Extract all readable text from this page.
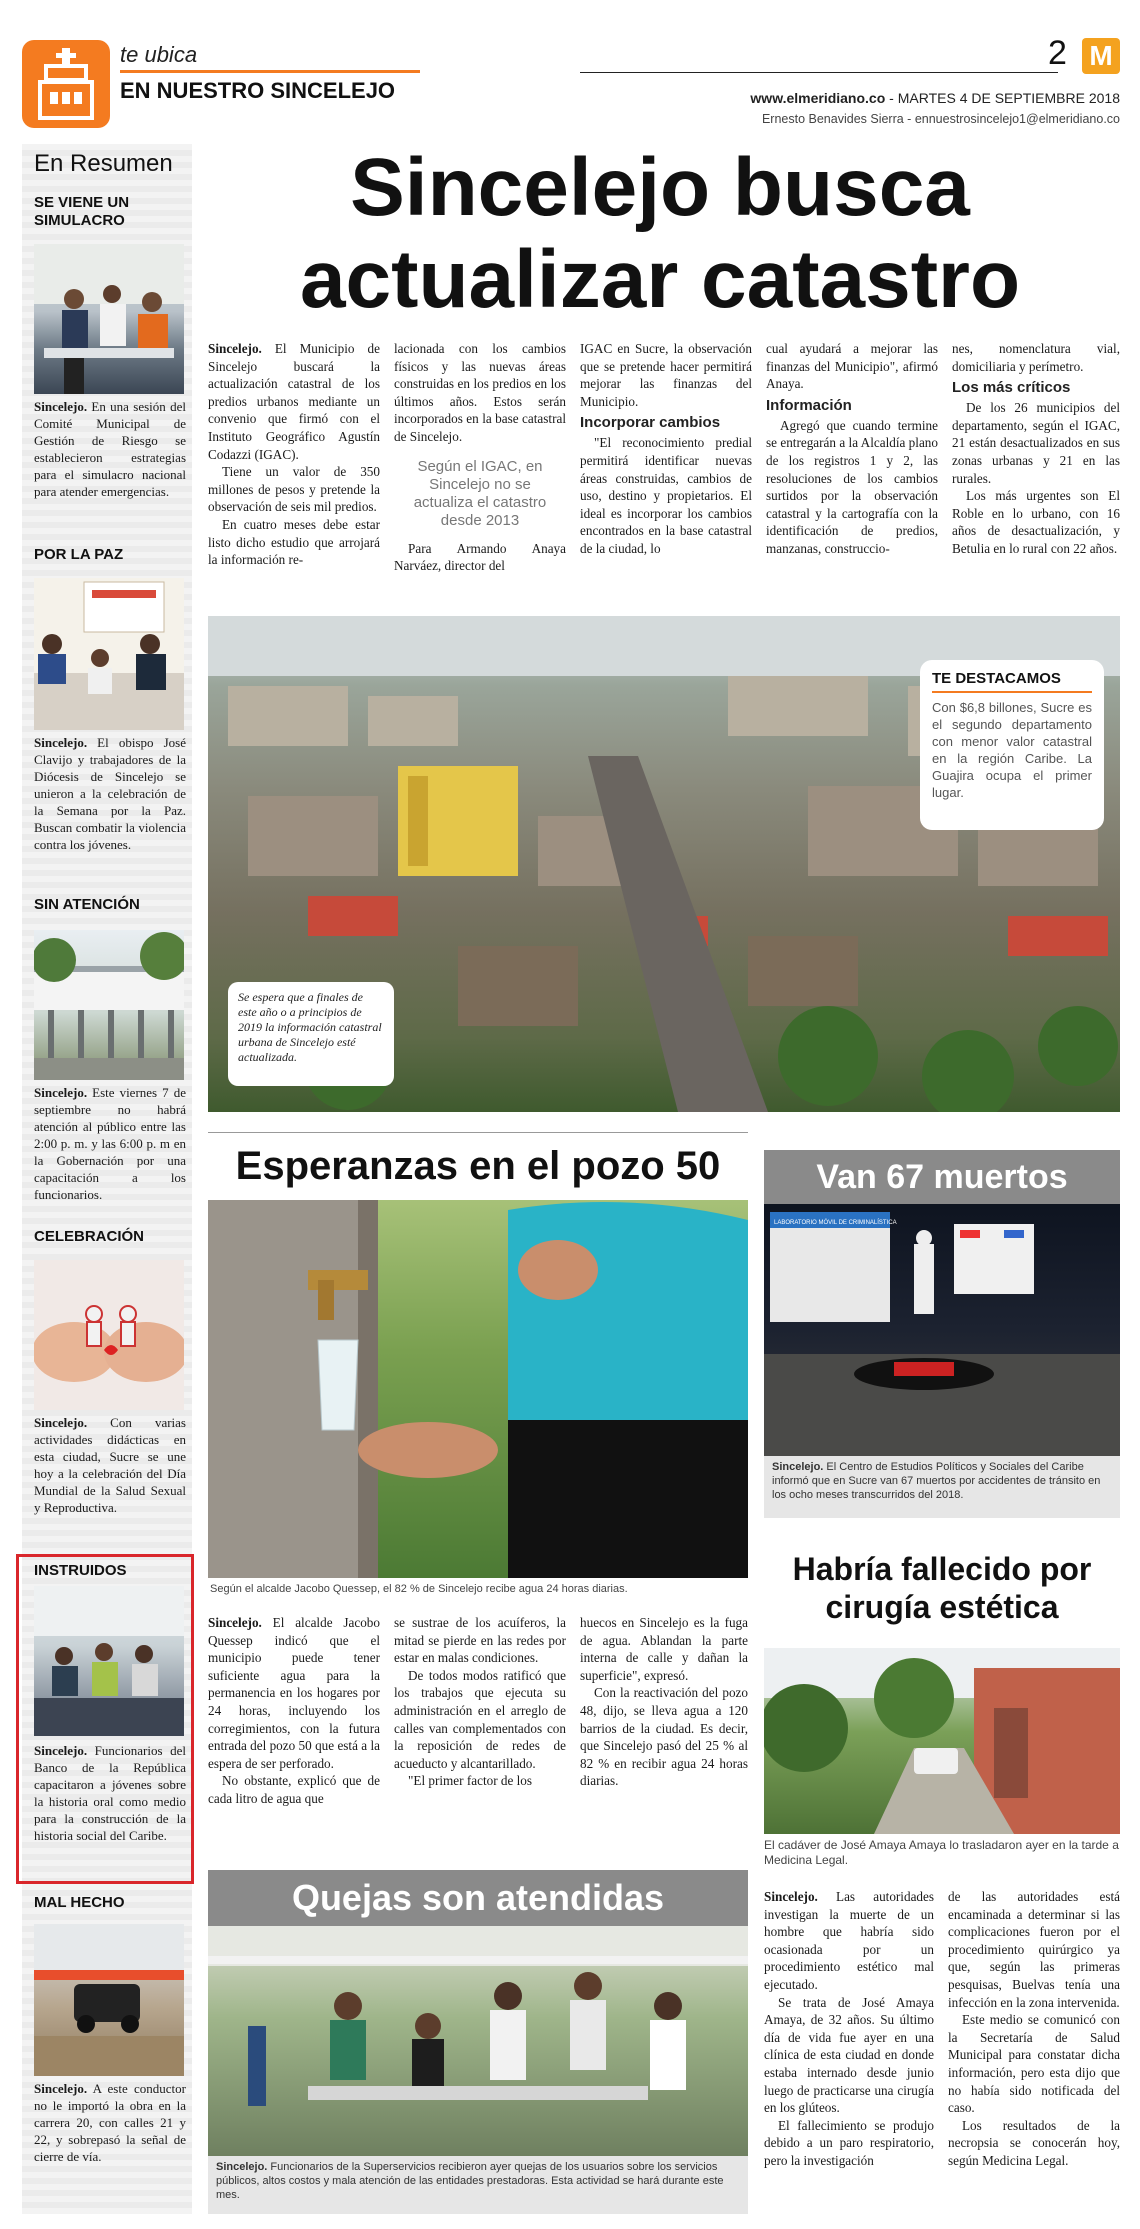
te ubica
EN NUESTRO SINCELEJO
2 M
www.elmeridiano.co - MARTES 4 DE SEPTIEMBRE 2018
Ernesto Benavides Sierra - ennuestrosincelejo1@elmeridiano.co
En Resumen
SE VIENE UN SIMULACRO
Sincelejo. En una sesión del Comité Municipal de Gestión de Riesgo se establecieron estrategias para el simulacro nacional para atender emergencias.
POR LA PAZ
Sincelejo. El obispo José Clavijo y trabajadores de la Diócesis de Sincelejo se unieron a la celebración de la Semana por la Paz. Buscan combatir la violencia contra los jóvenes.
SIN ATENCIÓN
Sincelejo. Este viernes 7 de septiembre no habrá atención al público entre las 2:00 p. m. y las 6:00 p. m en la Gobernación por una capacitación a los funcionarios.
CELEBRACIÓN
Sincelejo. Con varias actividades didácticas en esta ciudad, Sucre se une hoy a la celebración del Día Mundial de la Salud Sexual y Reproductiva.
INSTRUIDOS
Sincelejo. Funcionarios del Banco de la República capacitaron a jóvenes sobre la historia oral como medio para la construcción de la historia social del Caribe.
MAL HECHO
Sincelejo. A este conductor no le importó la obra en la carrera 20, con calles 21 y 22, y sobrepasó la señal de cierre de vía.
Sincelejo busca
actualizar catastro

Sincelejo. El Municipio de Sincelejo buscará la actualización catastral de los predios urbanos mediante un convenio que firmó con el Instituto Geográfico Agustín Codazzi (IGAC).

Tiene un valor de 350 millones de pesos y pretende la observación de seis mil predios.

En cuatro meses debe estar listo dicho estudio que arrojará la información re-

lacionada con los cambios físicos y las nuevas áreas construidas en los predios en los últimos años. Estos serán incorporados en la base catastral de Sincelejo.

Según el IGAC, en Sincelejo no se actualiza el catastro desde 2013

Para Armando Anaya Narváez, director del

IGAC en Sucre, la observación que se pretende hacer permitirá mejorar las finanzas del Municipio.

Incorporar cambios

"El reconocimiento predial permitirá identificar nuevas áreas construidas, cambios de uso, destino y propietarios. El ideal es incorporar los cambios encontrados en la base catastral de la ciudad, lo

cual ayudará a mejorar las finanzas del Municipio", afirmó Anaya.

Información

Agregó que cuando termine se entregarán a la Alcaldía plano de los registros 1 y 2, las resoluciones de los cambios surtidos por la observación catastral y la cartografía con la identificación de predios, manzanas, construccio-

nes, nomenclatura vial, domiciliaria y perímetro.

Los más críticos

De los 26 municipios del departamento, según el IGAC, 21 están desactualizados en sus zonas urbanas y 21 en las rurales.

Los más urgentes son El Roble en lo urbano, con 16 años de desactualización, y Betulia en lo rural con 22 años.

Se espera que a finales de este año o a principios de 2019 la información catastral urbana de Sincelejo esté actualizada.
TE DESTACAMOS
Con $6,8 billones, Sucre es el segundo departamento con menor valor catastral en la región Caribe. La Guajira ocupa el primer lugar.
Esperanzas en el pozo 50
Según el alcalde Jacobo Quessep, el 82 % de Sincelejo recibe agua 24 horas diarias.

Sincelejo. El alcalde Jacobo Quessep indicó que el municipio puede tener suficiente agua para la permanencia en los hogares por 24 horas, incluyendo los corregimientos, con la futura entrada del pozo 50 que está a la espera de ser perforado.

No obstante, explicó que de cada litro de agua que

se sustrae de los acuíferos, la mitad se pierde en las redes por estar en malas condiciones.

De todos modos ratificó que los trabajos que ejecuta su administración en el arreglo de calles van complementados con la reposición de redes de acueducto y alcantarillado.

"El primer factor de los

huecos en Sincelejo es la fuga de agua. Ablandan la parte interna de calle y dañan la superficie", expresó.

Con la reactivación del pozo 48, dijo, se lleva agua a 120 barrios de la ciudad. Es decir, que Sincelejo pasó del 25 % al 82 % en recibir agua 24 horas diarias.

Quejas son atendidas
Sincelejo. Funcionarios de la Superservicios recibieron ayer quejas de los usuarios sobre los servicios públicos, altos costos y mala atención de las entidades prestadoras. Esta actividad se hará durante este mes.
Van 67 muertos
LABORATORIO MÓVIL DE CRIMINALÍSTICA
Sincelejo. El Centro de Estudios Políticos y Sociales del Caribe informó que en Sucre van 67 muertos por accidentes de tránsito en los ocho meses transcurridos del 2018.
Habría fallecido por
cirugía estética
El cadáver de José Amaya Amaya lo trasladaron ayer en la tarde a Medicina Legal.

Sincelejo. Las autoridades investigan la muerte de un hombre que habría sido ocasionada por un procedimiento estético mal ejecutado.

Se trata de José Amaya Amaya, de 32 años. Su último día de vida fue ayer en una clínica de esta ciudad en donde estaba internado desde junio luego de practicarse una cirugía en los glúteos.

El fallecimiento se produjo debido a un paro respiratorio, pero la investigación

de las autoridades está encaminada a determinar si las complicaciones fueron por el procedimiento quirúrgico ya que, según las primeras pesquisas, Buelvas tenía una infección en la zona intervenida.

Este medio se comunicó con la Secretaría de Salud Municipal para constatar dicha información, pero esta dijo que no había sido notificada del caso.

Los resultados de la necropsia se conocerán hoy, según Medicina Legal.
